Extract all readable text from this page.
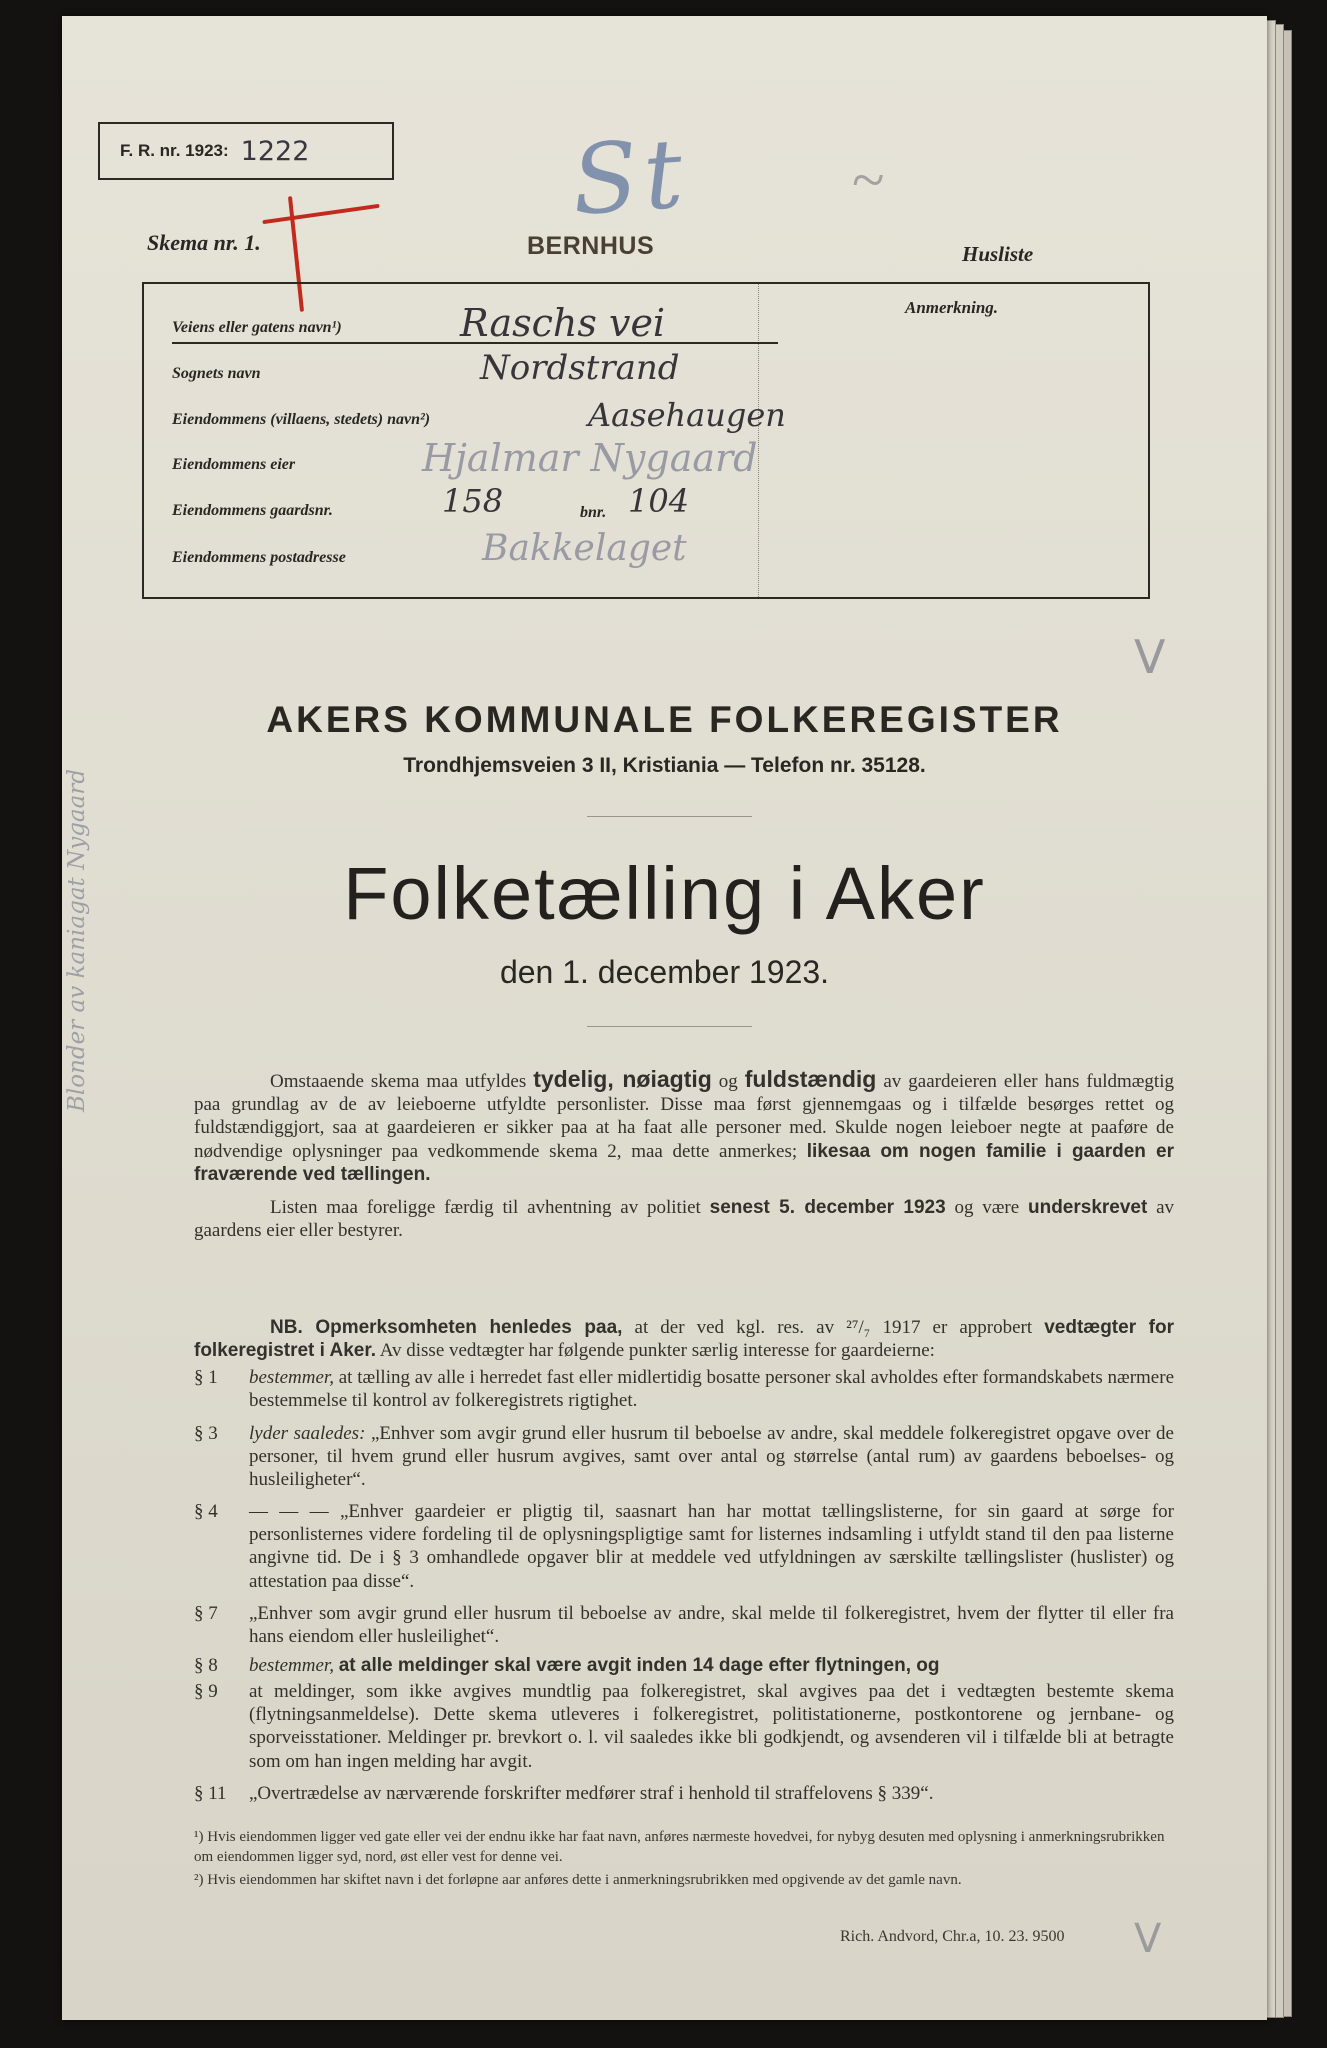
F. R. nr. 1923: 1222	St	~
Skema nr. 1.	BERNHUS	Husliste
Anmerkning.
Veiens eller gatens navn¹)	Raschs vei
Sognets navn	Nordstrand
Eiendommens (villaens, stedets) navn²)	Aasehaugen
Eiendommens eier	Hjalmar Nygaard
Eiendommens gaardsnr.	158	bnr. 104
Eiendommens postadresse	Bakkelaget
AKERS KOMMUNALE FOLKEREGISTER
Trondhjemsveien 3 II, Kristiania — Telefon nr. 35128.
Folketælling i Aker
den 1. december 1923.
Omstaaende skema maa utfyldes tydelig, nøiagtig og fuldstændig av gaardeieren eller hans fuldmægtig paa grundlag av de av leieboerne utfyldte personlister. Disse maa først gjennemgaas og i tilfælde besørges rettet og fuldstændiggjort, saa at gaardeieren er sikker paa at ha faat alle personer med. Skulde nogen leieboer negte at paaføre de nødvendige oplysninger paa vedkommende skema 2, maa dette anmerkes; likesaa om nogen familie i gaarden er fraværende ved tællingen.
Listen maa foreligge færdig til avhentning av politiet senest 5. december 1923 og være underskrevet av gaardens eier eller bestyrer.
NB. Opmerksomheten henledes paa, at der ved kgl. res. av ²⁷/₇ 1917 er approbert vedtægter for folkeregistret i Aker. Av disse vedtægter har følgende punkter særlig interesse for gaardeierne:
§ 1	bestemmer, at tælling av alle i herredet fast eller midlertidig bosatte personer skal avholdes efter formandskabets nærmere bestemmelse til kontrol av folkeregistrets rigtighet.
§ 3	lyder saaledes: „Enhver som avgir grund eller husrum til beboelse av andre, skal meddele folkeregistret opgave over de personer, til hvem grund eller husrum avgives, samt over antal og størrelse (antal rum) av gaardens beboelses- og husleiligheter“.
§ 4	— — — „Enhver gaardeier er pligtig til, saasnart han har mottat tællingslisterne, for sin gaard at sørge for personlisternes videre fordeling til de oplysningspligtige samt for listernes indsamling i utfyldt stand til den paa listerne angivne tid. De i § 3 omhandlede opgaver blir at meddele ved utfyldningen av særskilte tællingslister (huslister) og attestation paa disse“.
§ 7	„Enhver som avgir grund eller husrum til beboelse av andre, skal melde til folkeregistret, hvem der flytter til eller fra hans eiendom eller husleilighet“.
§ 8	bestemmer, at alle meldinger skal være avgit inden 14 dage efter flytningen, og
§ 9	at meldinger, som ikke avgives mundtlig paa folkeregistret, skal avgives paa det i vedtægten bestemte skema (flytningsanmeldelse). Dette skema utleveres i folkeregistret, politistationerne, postkontorene og jernbane- og sporveisstationer. Meldinger pr. brevkort o. l. vil saaledes ikke bli godkjendt, og avsenderen vil i tilfælde bli at betragte som om han ingen melding har avgit.
§ 11	„Overtrædelse av nærværende forskrifter medfører straf i henhold til straffelovens § 339“.
¹) Hvis eiendommen ligger ved gate eller vei der endnu ikke har faat navn, anføres nærmeste hovedvei, for nybyg desuten med oplysning i anmerkningsrubrikken om eiendommen ligger syd, nord, øst eller vest for denne vei.
²) Hvis eiendommen har skiftet navn i det forløpne aar anføres dette i anmerkningsrubrikken med opgivende av det gamle navn.
Rich. Andvord, Chr.a, 10. 23. 9500
Blonder av kaniagat Nygaard
V
V
